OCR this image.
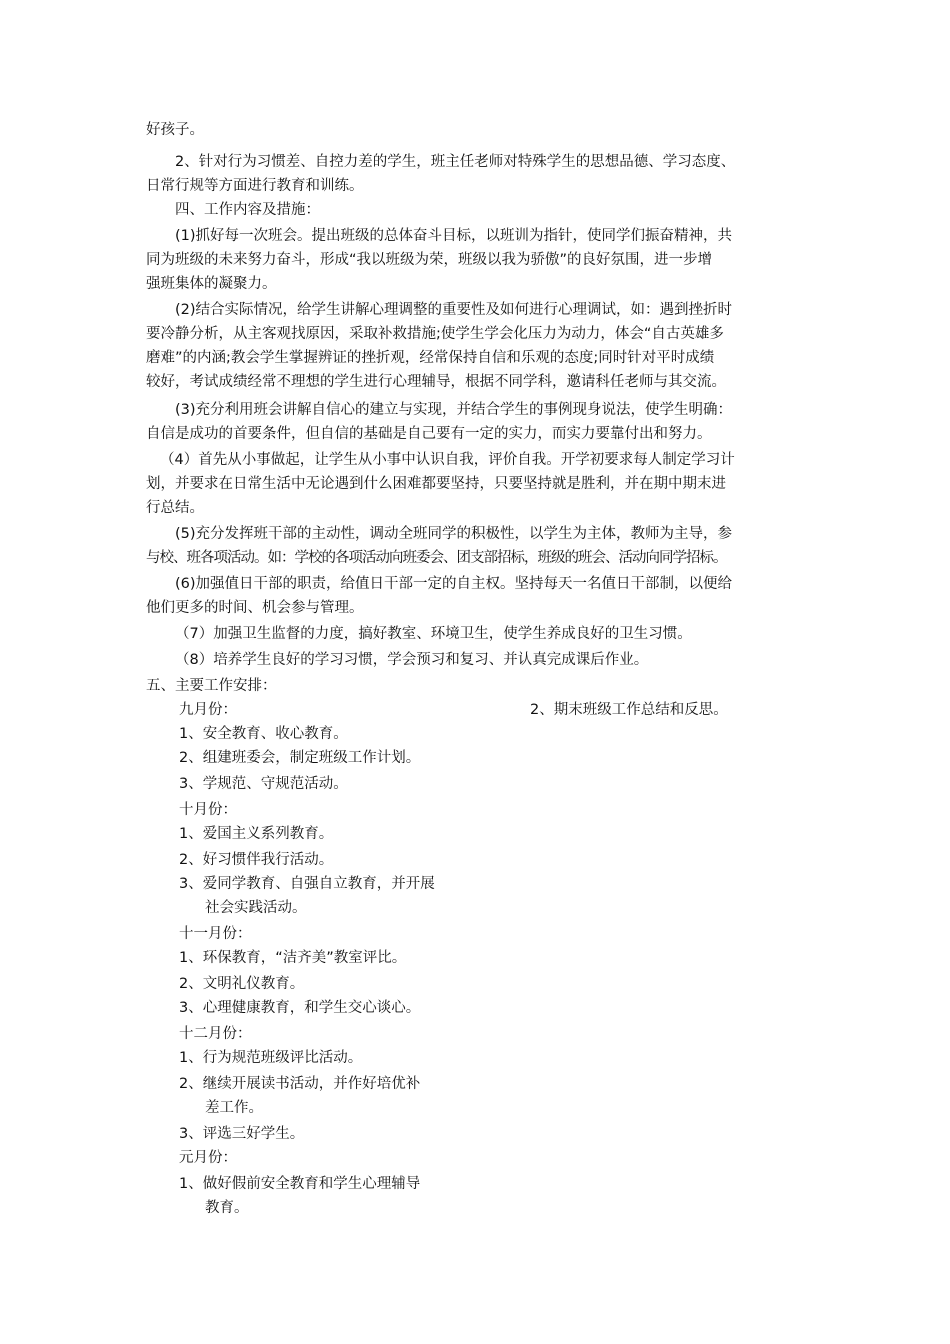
好孩子。

2、针对行为习惯差、自控力差的学生，班主任老师对特殊学生的思想品德、学习态度、

日常行规等方面进行教育和训练。

四、工作内容及措施：

(1)抓好每一次班会。提出班级的总体奋斗目标，以班训为指针，使同学们振奋精神，共

同为班级的未来努力奋斗，形成“我以班级为荣，班级以我为骄傲”的良好氛围，进一步增

强班集体的凝聚力。

(2)结合实际情况，给学生讲解心理调整的重要性及如何进行心理调试，如：遇到挫折时

要冷静分析，从主客观找原因，采取补救措施;使学生学会化压力为动力，体会“自古英雄多

磨难”的内涵;教会学生掌握辨证的挫折观，经常保持自信和乐观的态度;同时针对平时成绩

较好，考试成绩经常不理想的学生进行心理辅导，根据不同学科，邀请科任老师与其交流。

(3)充分利用班会讲解自信心的建立与实现，并结合学生的事例现身说法，使学生明确：

自信是成功的首要条件，但自信的基础是自己要有一定的实力，而实力要靠付出和努力。

（4）首先从小事做起，让学生从小事中认识自我，评价自我。开学初要求每人制定学习计

划，并要求在日常生活中无论遇到什么困难都要坚持，只要坚持就是胜利，并在期中期末进

行总结。

(5)充分发挥班干部的主动性，调动全班同学的积极性，以学生为主体，教师为主导，参

与校、班各项活动。如：学校的各项活动向班委会、团支部招标，班级的班会、活动向同学招标。

(6)加强值日干部的职责，给值日干部一定的自主权。坚持每天一名值日干部制，以便给

他们更多的时间、机会参与管理。

（7）加强卫生监督的力度，搞好教室、环境卫生，使学生养成良好的卫生习惯。

（8）培养学生良好的学习习惯，学会预习和复习、并认真完成课后作业。

五、主要工作安排：

九月份：

1、安全教育、收心教育。

2、组建班委会，制定班级工作计划。

3、学规范、守规范活动。

十月份：

1、爱国主义系列教育。

2、好习惯伴我行活动。

3、爱同学教育、自强自立教育，并开展

社会实践活动。

十一月份：

1、环保教育，“洁齐美”教室评比。

2、文明礼仪教育。

3、心理健康教育，和学生交心谈心。

十二月份：

1、行为规范班级评比活动。

2、继续开展读书活动，并作好培优补

差工作。

3、评选三好学生。

元月份：

1、做好假前安全教育和学生心理辅导

教育。

2、期末班级工作总结和反思。
